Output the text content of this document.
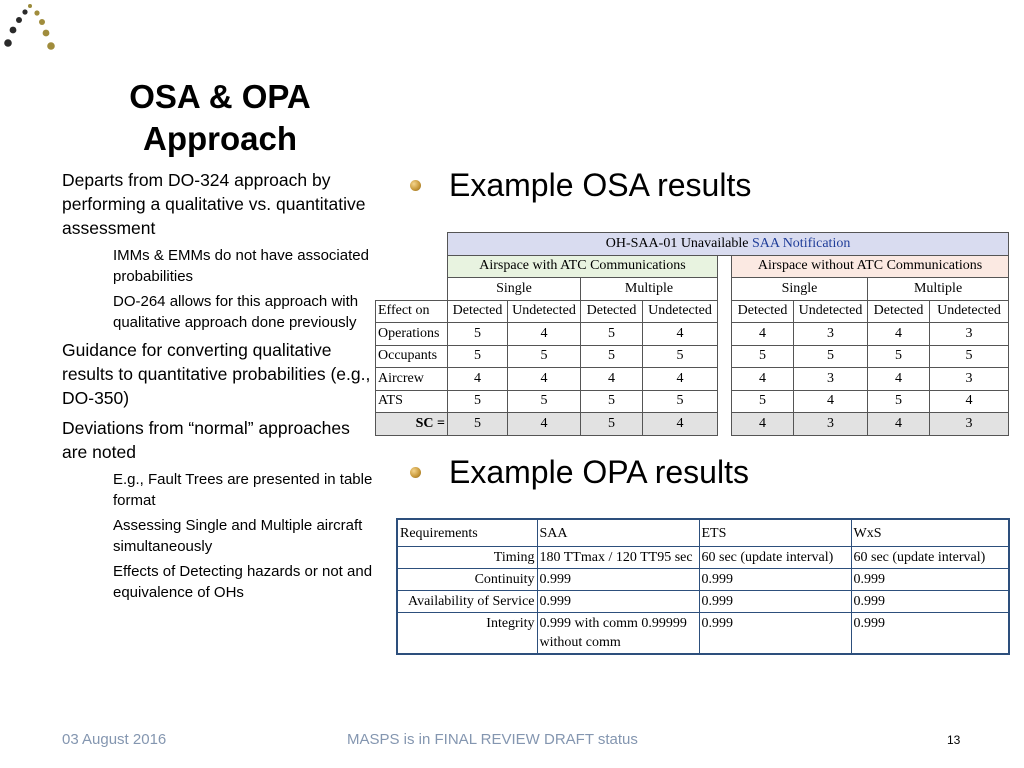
OSA & OPA
Approach

Departs from DO-324 approach by performing a qualitative vs. quantitative assessment

IMMs & EMMs do not have associated probabilities

DO-264 allows for this approach with qualitative approach done previously

Guidance for converting qualitative results to quantitative probabilities (e.g., DO-350)

Deviations from “normal” approaches are noted

E.g., Fault Trees are presented in table format

Assessing Single and Multiple aircraft simultaneously

Effects of Detecting hazards or not and equivalence of OHs

Example OSA results
	OH-SAA-01 Unavailable SAA Notification								
	Airspace with ATC Communications					Airspace without ATC Communications			
	Single		Multiple			Single		Multiple	
Effect on	Detected	Undetected	Detected	Undetected		Detected	Undetected	Detected	Undetected
Operations	5	4	5	4		4	3	4	3
Occupants	5	5	5	5		5	5	5	5
Aircrew	4	4	4	4		4	3	4	3
ATS	5	5	5	5		5	4	5	4
SC =	5	4	5	4		4	3	4	3
Example OPA results
Requirements	SAA	ETS	WxS
Timing	180 TTmax / 120 TT95 sec	60 sec (update interval)	60 sec (update interval)
Continuity	0.999	0.999	0.999
Availability of Service	0.999	0.999	0.999
Integrity	0.999 with comm 0.99999 without comm	0.999	0.999
03 August 2016	MASPS is in FINAL REVIEW DRAFT status	13
